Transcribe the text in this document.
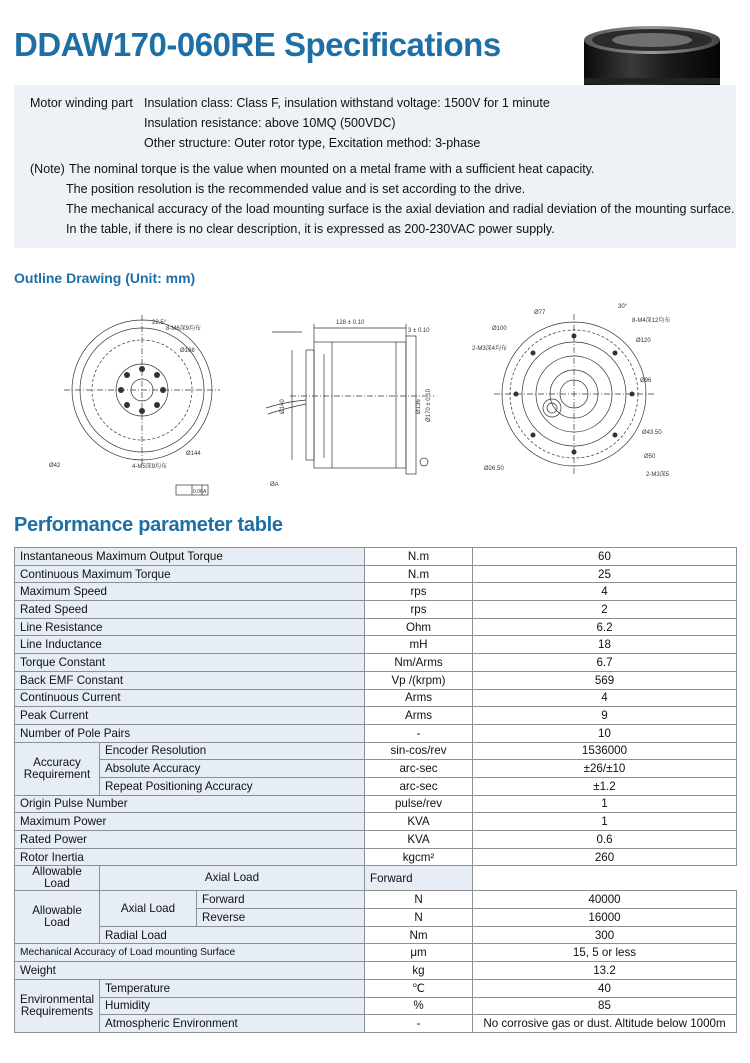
DDAW170-060RE Specifications
Motor winding part Insulation class: Class F, insulation withstand voltage: 1500V for 1 minute
Insulation resistance: above 10MQ (500VDC)
Other structure: Outer rotor type, Excitation method: 3-phase
(Note) The nominal torque is the value when mounted on a metal frame with a sufficient heat capacity.
The position resolution is the recommended value and is set according to the drive.
The mechanical accuracy of the load mounting surface is the axial deviation and radial deviation of the mounting surface.
In the table, if there is no clear description, it is expressed as 200-230VAC power supply.
Outline Drawing (Unit: mm)
8-M6深9均布
Ø168
Ø144
Ø42	4-M5深9均布
22.5°
0.06 A
128 ± 0.10
3 ± 0.10
Ø140	Ø136 Ø170 ± 0.10
ØA
Ø77
Ø100
8-M4深12均布
30°
Ø120
2-M3深4均布
Ø96
Ø43.50
Ø50
Ø26.50
2-M3深5
Performance parameter table
Instantaneous Maximum Output Torque			N.m	60
Continuous Maximum Torque			N.m	25
Maximum Speed			rps	4
Rated Speed			rps	2
Line Resistance			Ohm	6.2
Line Inductance			mH	18
Torque Constant			Nm/Arms	6.7
Back EMF Constant			Vp /(krpm)	569
Continuous Current			Arms	4
Peak Current			Arms	9
Number of Pole Pairs			-	10
Accuracy Requirement	Encoder Resolution		sin-cos/rev	1536000
	Absolute Accuracy		arc-sec	±26/±10
	Repeat Positioning Accuracy		arc-sec	±1.2
Origin Pulse Number			pulse/rev	1
Maximum Power			KVA	1
Rated Power			KVA	0.6
Rotor Inertia			kgcm²	260
Allowable Load	Axial Load		Forward
Allowable Load	Axial Load	Forward	N	40000
		Reverse	N	16000
	Radial Load		Nm	300
Mechanical Accuracy of Load mounting Surface			μm	15, 5 or less
Weight			kg	13.2
Environmental Requirements	Temperature		℃	40
	Humidity		%	85
	Atmospheric Environment		-	No corrosive gas or dust. Altitude below 1000m
